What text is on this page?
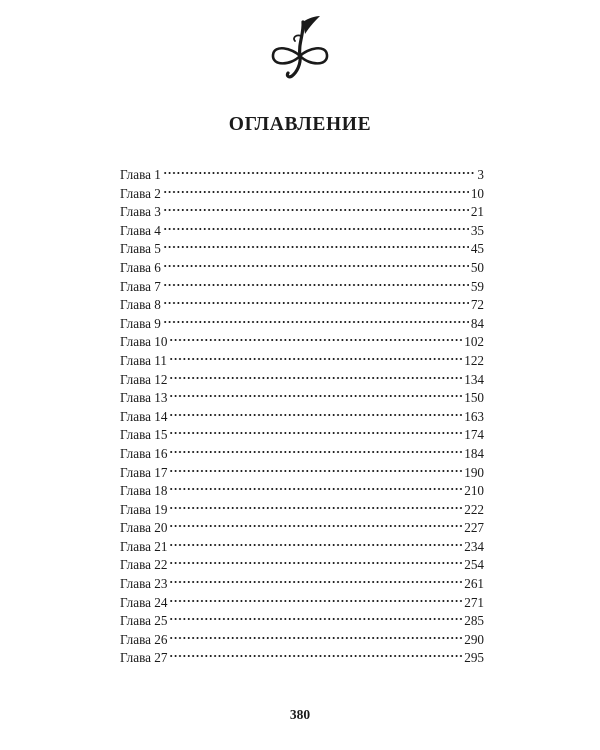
ОГЛАВЛЕНИЕ
Глава 1	3
Глава 2	10
Глава 3	21
Глава 4	35
Глава 5	45
Глава 6	50
Глава 7	59
Глава 8	72
Глава 9	84
Глава 10	102
Глава 11	122
Глава 12	134
Глава 13	150
Глава 14	163
Глава 15	174
Глава 16	184
Глава 17	190
Глава 18	210
Глава 19	222
Глава 20	227
Глава 21	234
Глава 22	254
Глава 23	261
Глава 24	271
Глава 25	285
Глава 26	290
Глава 27	295
380
